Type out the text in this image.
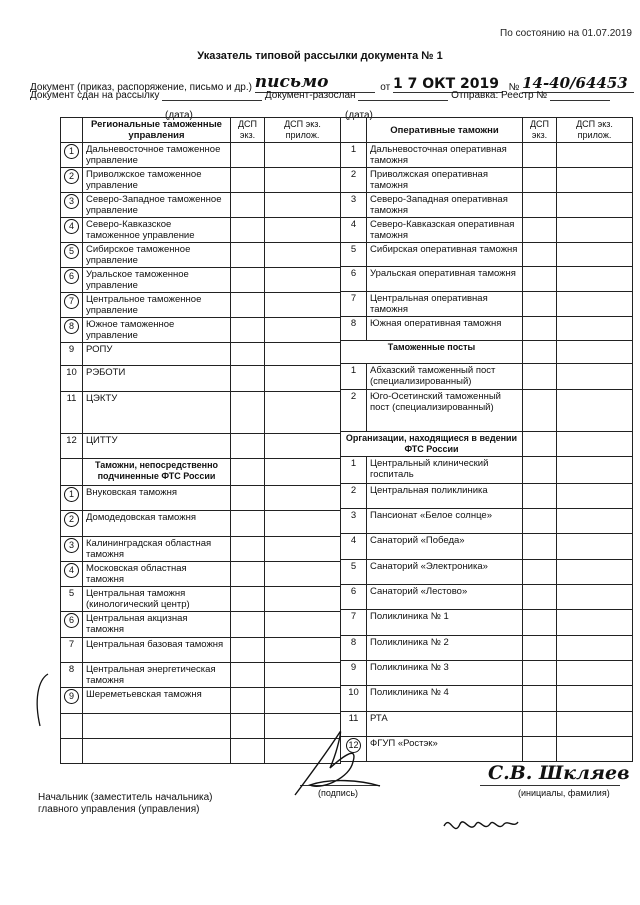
По состоянию на 01.07.2019
Указатель типовой рассылки документа № 1
Документ (приказ, распоряжение, письмо и др.) письмо	от 1 7 ОКТ 2019 № 14-40/64453
Документ сдан на рассылку	Документ-разослан	Отправка: Реестр №
(дата)	(дата)
	Региональные таможенные управления	ДСП экз.	ДСП экз. прилож.
1	Дальневосточное таможенное управление		
2	Приволжское таможенное управление		
3	Северо-Западное таможенное управление		
4	Северо-Кавказское таможенное управление		
5	Сибирское таможенное управление		
6	Уральское таможенное управление		
7	Центральное таможенное управление		
8	Южное таможенное управление		
9	РОПУ		
10	РЭБОТИ		
11	ЦЭКТУ		
12	ЦИТТУ		
	Таможни, непосредственно подчиненные ФТС России		
1	Внуковская таможня		
2	Домодедовская таможня		
3	Калининградская областная таможня		
4	Московская областная таможня		
5	Центральная таможня (кинологический центр)		
6	Центральная акцизная таможня		
7	Центральная базовая таможня		
8	Центральная энергетическая таможня		
9	Шереметьевская таможня		

	Оперативные таможни	ДСП экз.	ДСП экз. прилож.
1	Дальневосточная оперативная таможня		
2	Приволжская оперативная таможня		
3	Северо-Западная оперативная таможня		
4	Северо-Кавказская оперативная таможня		
5	Сибирская оперативная таможня		
6	Уральская оперативная таможня		
7	Центральная оперативная таможня		
8	Южная оперативная таможня		
Таможенные посты			
1	Абхазский таможенный пост (специализированный)		
2	Юго-Осетинский таможенный пост (специализированный)		
Организации, находящиеся в ведении ФТС России			
1	Центральный клинический госпиталь		
2	Центральная поликлиника		
3	Пансионат «Белое солнце»		
4	Санаторий «Победа»		
5	Санаторий «Электроника»		
6	Санаторий «Лестово»		
7	Поликлиника № 1		
8	Поликлиника № 2		
9	Поликлиника № 3		
10	Поликлиника № 4		
11	РТА		
12	ФГУП «Ростэк»		
Начальник (заместитель начальника)
главного управления (управления)
(подпись)	(инициалы, фамилия)
С.В. Шкляев
